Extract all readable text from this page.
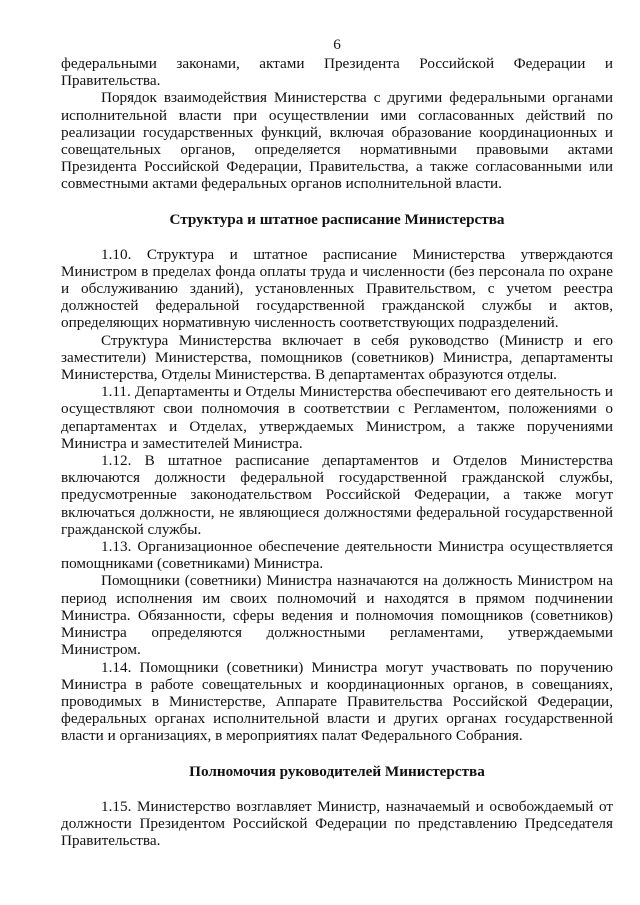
6

федеральными законами, актами Президента Российской Федерации и Правительства.

Порядок взаимодействия Министерства с другими федеральными органами исполнительной власти при осуществлении ими согласованных действий по реализации государственных функций, включая образование координационных и совещательных органов, определяется нормативными правовыми актами Президента Российской Федерации, Правительства, а также согласованными или совместными актами федеральных органов исполнительной власти.

Структура и штатное расписание Министерства

1.10. Структура и штатное расписание Министерства утверждаются Министром в пределах фонда оплаты труда и численности (без персонала по охране и обслуживанию зданий), установленных Правительством, с учетом реестра должностей федеральной государственной гражданской службы и актов, определяющих нормативную численность соответствующих подразделений.

Структура Министерства включает в себя руководство (Министр и его заместители) Министерства, помощников (советников) Министра, департаменты Министерства, Отделы Министерства. В департаментах образуются отделы.

1.11. Департаменты и Отделы Министерства обеспечивают его деятельность и осуществляют свои полномочия в соответствии с Регламентом, положениями о департаментах и Отделах, утверждаемых Министром, а также поручениями Министра и заместителей Министра.

1.12. В штатное расписание департаментов и Отделов Министерства включаются должности федеральной государственной гражданской службы, предусмотренные законодательством Российской Федерации, а также могут включаться должности, не являющиеся должностями федеральной государственной гражданской службы.

1.13. Организационное обеспечение деятельности Министра осуществляется помощниками (советниками) Министра.

Помощники (советники) Министра назначаются на должность Министром на период исполнения им своих полномочий и находятся в прямом подчинении Министра. Обязанности, сферы ведения и полномочия помощников (советников) Министра определяются должностными регламентами, утверждаемыми Министром.

1.14. Помощники (советники) Министра могут участвовать по поручению Министра в работе совещательных и координационных органов, в совещаниях, проводимых в Министерстве, Аппарате Правительства Российской Федерации, федеральных органах исполнительной власти и других органах государственной власти и организациях, в мероприятиях палат Федерального Собрания.

Полномочия руководителей Министерства

1.15. Министерство возглавляет Министр, назначаемый и освобождаемый от должности Президентом Российской Федерации по представлению Председателя Правительства.
